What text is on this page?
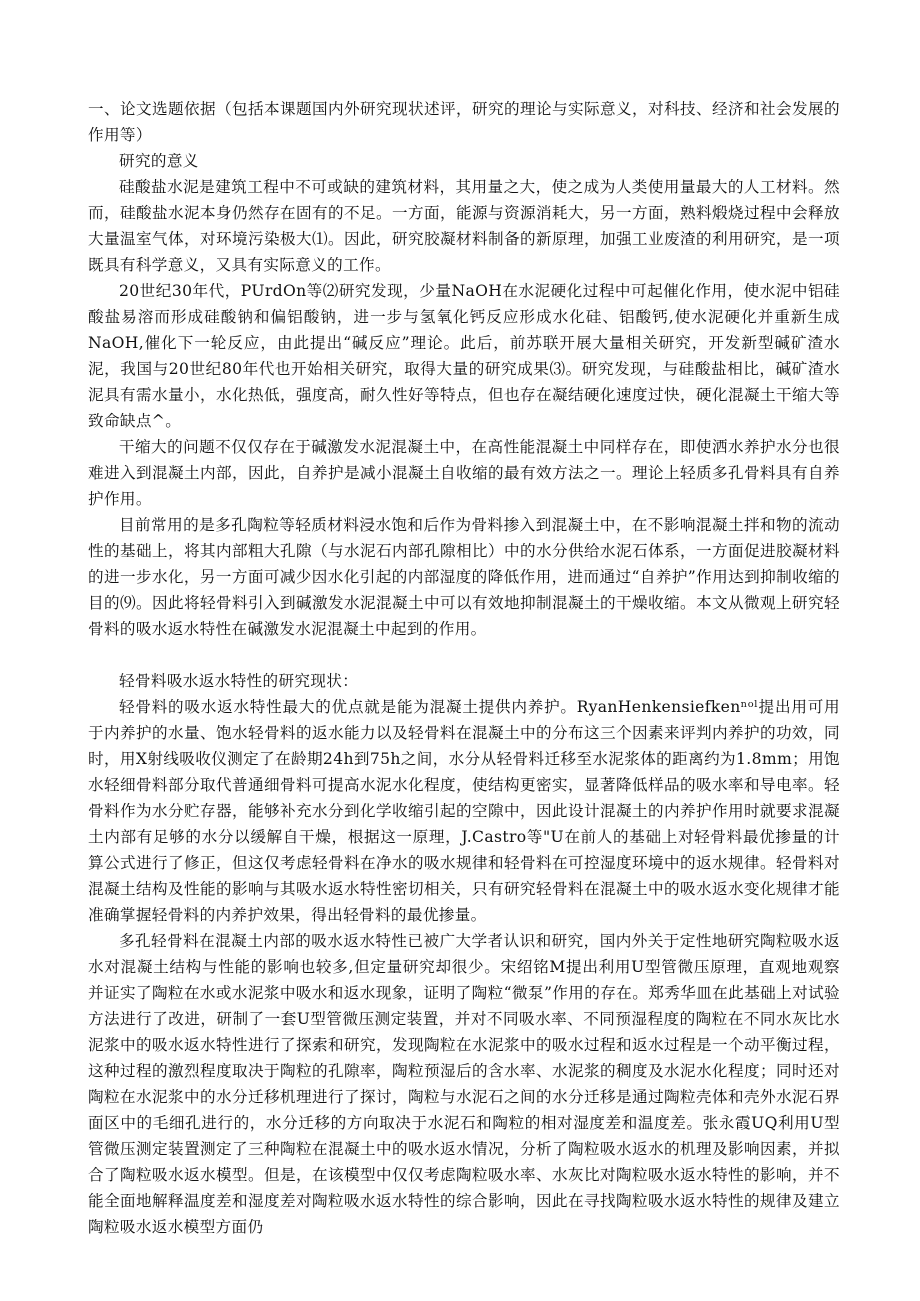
一、论文选题依据（包括本课题国内外研究现状述评，研究的理论与实际意义，对科技、经济和社会发展的作用等）

研究的意义

硅酸盐水泥是建筑工程中不可或缺的建筑材料，其用量之大，使之成为人类使用量最大的人工材料。然而，硅酸盐水泥本身仍然存在固有的不足。一方面，能源与资源消耗大，另一方面，熟料煅烧过程中会释放大量温室气体，对环境污染极大⑴。因此，研究胶凝材料制备的新原理，加强工业废渣的利用研究，是一项既具有科学意义，又具有实际意义的工作。

20世纪30年代，PUrdOn等⑵研究发现，少量NaOH在水泥硬化过程中可起催化作用，使水泥中铝硅酸盐易溶而形成硅酸钠和偏铝酸钠，进一步与氢氧化钙反应形成水化硅、铝酸钙,使水泥硬化并重新生成NaOH,催化下一轮反应，由此提出“碱反应”理论。此后，前苏联开展大量相关研究，开发新型碱矿渣水泥，我国与20世纪80年代也开始相关研究，取得大量的研究成果⑶。研究发现，与硅酸盐相比，碱矿渣水泥具有需水量小，水化热低，强度高，耐久性好等特点，但也存在凝结硬化速度过快，硬化混凝土干缩大等致命缺点^。

干缩大的问题不仅仅存在于碱激发水泥混凝土中，在高性能混凝土中同样存在，即使洒水养护水分也很难进入到混凝土内部，因此，自养护是减小混凝土自收缩的最有效方法之一。理论上轻质多孔骨料具有自养护作用。

目前常用的是多孔陶粒等轻质材料浸水饱和后作为骨料掺入到混凝土中，在不影响混凝土拌和物的流动性的基础上，将其内部粗大孔隙（与水泥石内部孔隙相比）中的水分供给水泥石体系，一方面促进胶凝材料的进一步水化，另一方面可减少因水化引起的内部湿度的降低作用，进而通过“自养护”作用达到抑制收缩的目的⑼。因此将轻骨料引入到碱激发水泥混凝土中可以有效地抑制混凝土的干燥收缩。本文从微观上研究轻骨料的吸水返水特性在碱激发水泥混凝土中起到的作用。

轻骨料吸水返水特性的研究现状：

轻骨料的吸水返水特性最大的优点就是能为混凝土提供内养护。RyanHenkensiefkenⁿᵒˡ提出用可用于内养护的水量、饱水轻骨料的返水能力以及轻骨料在混凝土中的分布这三个因素来评判内养护的功效，同时，用X射线吸收仪测定了在龄期24h到75h之间，水分从轻骨料迁移至水泥浆体的距离约为1.8mm；用饱水轻细骨料部分取代普通细骨料可提高水泥水化程度，使结构更密实，显著降低样品的吸水率和导电率。轻骨料作为水分贮存器，能够补充水分到化学收缩引起的空隙中，因此设计混凝土的内养护作用时就要求混凝土内部有足够的水分以缓解自干燥，根据这一原理，J.Castro等"U在前人的基础上对轻骨料最优掺量的计算公式进行了修正，但这仅考虑轻骨料在净水的吸水规律和轻骨料在可控湿度环境中的返水规律。轻骨料对混凝土结构及性能的影响与其吸水返水特性密切相关，只有研究轻骨料在混凝土中的吸水返水变化规律才能准确掌握轻骨料的内养护效果，得出轻骨料的最优掺量。

多孔轻骨料在混凝土内部的吸水返水特性已被广大学者认识和研究，国内外关于定性地研究陶粒吸水返水对混凝土结构与性能的影响也较多,但定量研究却很少。宋绍铭M提出利用U型管微压原理，直观地观察并证实了陶粒在水或水泥浆中吸水和返水现象，证明了陶粒“微泵”作用的存在。郑秀华皿在此基础上对试验方法进行了改进，研制了一套U型管微压测定装置，并对不同吸水率、不同预湿程度的陶粒在不同水灰比水泥浆中的吸水返水特性进行了探索和研究，发现陶粒在水泥浆中的吸水过程和返水过程是一个动平衡过程，这种过程的激烈程度取决于陶粒的孔隙率，陶粒预湿后的含水率、水泥浆的稠度及水泥水化程度；同时还对陶粒在水泥浆中的水分迁移机理进行了探讨，陶粒与水泥石之间的水分迁移是通过陶粒壳体和壳外水泥石界面区中的毛细孔进行的，水分迁移的方向取决于水泥石和陶粒的相对湿度差和温度差。张永霞UQ利用U型管微压测定装置测定了三种陶粒在混凝土中的吸水返水情况，分析了陶粒吸水返水的机理及影响因素，并拟合了陶粒吸水返水模型。但是，在该模型中仅仅考虑陶粒吸水率、水灰比对陶粒吸水返水特性的影响，并不能全面地解释温度差和湿度差对陶粒吸水返水特性的综合影响，因此在寻找陶粒吸水返水特性的规律及建立陶粒吸水返水模型方面仍
